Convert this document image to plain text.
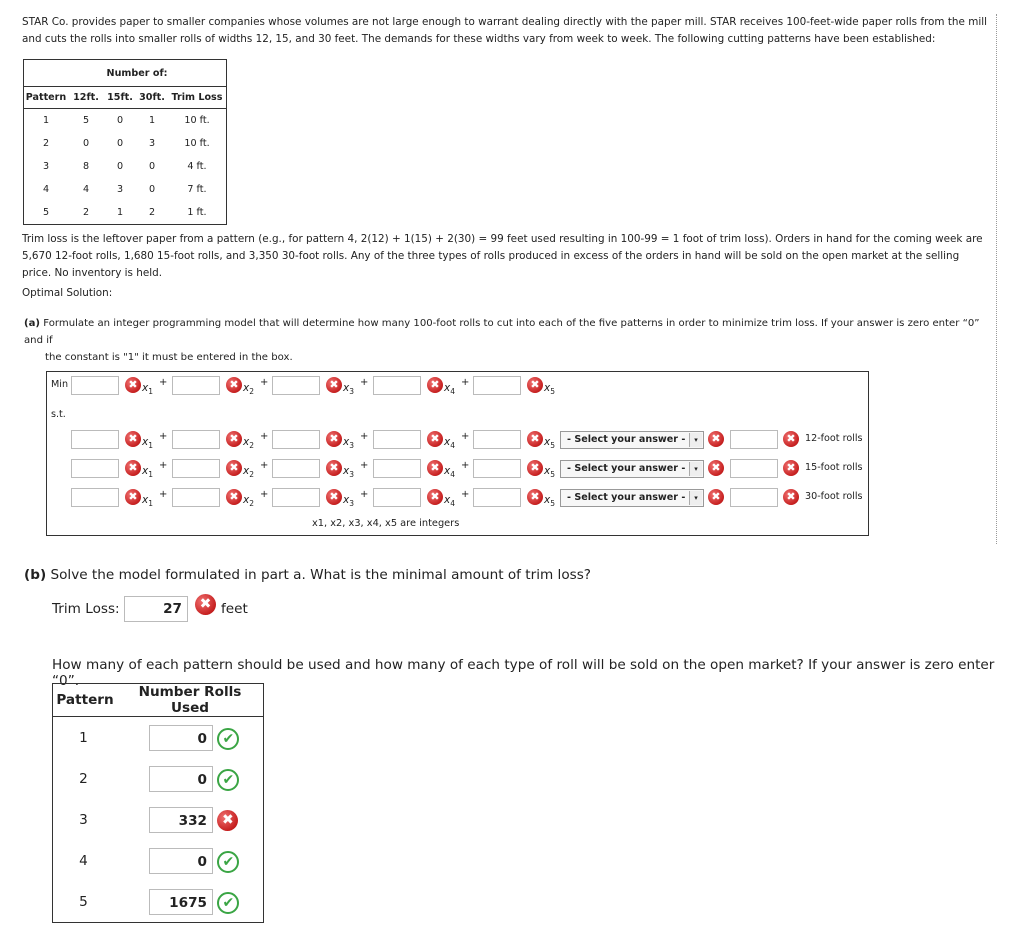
STAR Co. provides paper to smaller companies whose volumes are not large enough to warrant dealing directly with the paper mill. STAR receives 100-feet-wide paper rolls from the mill and cuts the rolls into smaller rolls of widths 12, 15, and 30 feet. The demands for these widths vary from week to week. The following cutting patterns have been established:
	Number of:			
Pattern	12ft.	15ft.	30ft.	Trim Loss
1	5	0	1	10 ft.
2	0	0	3	10 ft.
3	8	0	0	4 ft.
4	4	3	0	7 ft.
5	2	1	2	1 ft.
Trim loss is the leftover paper from a pattern (e.g., for pattern 4, 2(12) + 1(15) + 2(30) = 99 feet used resulting in 100-99 = 1 foot of trim loss). Orders in hand for the coming week are 5,670 12-foot rolls, 1,680 15-foot rolls, and 3,350 30-foot rolls. Any of the three types of rolls produced in excess of the orders in hand will be sold on the open market at the selling price. No inventory is held.
Optimal Solution:
(a) Formulate an integer programming model that will determine how many 100-foot rolls to cut into each of the five patterns in order to minimize trim loss. If your answer is zero enter “0” and if
the constant is "1" it must be entered in the box.
Min
s.t.
x1, x2, x3, x4, x5 are integers
✖ $x_1$
+	✖ $x_2$
+	✖ $x_3$
+	✖ $x_4$
+	✖ $x_5$
✖ $x_1$
+	✖ $x_2$
+	✖ $x_3$
+	✖ $x_4$
+	✖ $x_5$
- Select your answer -	▾	✖	✖ 12-foot rolls
✖ $x_1$
+	✖ $x_2$
+	✖ $x_3$
+	✖ $x_4$
+	✖ $x_5$
- Select your answer -	▾	✖	✖ 15-foot rolls
✖ $x_1$
+	✖ $x_2$
+	✖ $x_3$
+	✖ $x_4$
+	✖ $x_5$
- Select your answer -	▾	✖	✖ 30-foot rolls
(b) Solve the model formulated in part a. What is the minimal amount of trim loss?
Trim Loss:	27	✖ feet
How many of each pattern should be used and how many of each type of roll will be sold on the open market? If your answer is zero enter “0”.
Pattern	Number Rolls Used
1	0 ✔
2	0 ✔
3	332 ✖
4	0 ✔
5	1675 ✔
